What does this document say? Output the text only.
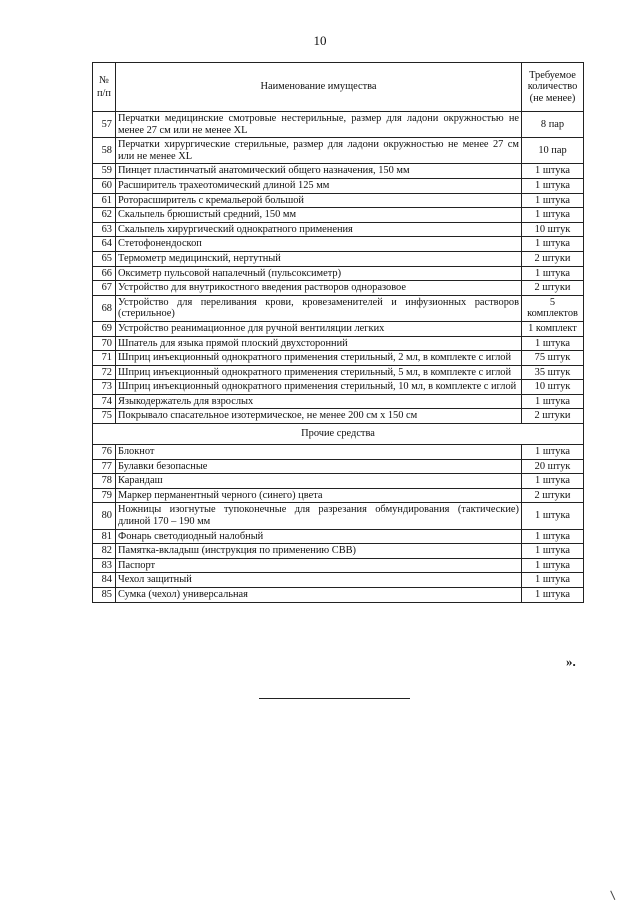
10
№ п/п	Наименование имущества	Требуемое количество (не менее)
57	Перчатки медицинские смотровые нестерильные, размер для ладони окружностью не менее 27 см или не менее XL	8 пар
58	Перчатки хирургические стерильные, размер для ладони окружностью не менее 27 см или не менее XL	10 пар
59	Пинцет пластинчатый анатомический общего назначения, 150 мм	1 штука
60	Расширитель трахеотомический длиной 125 мм	1 штука
61	Роторасширитель с кремальерой большой	1 штука
62	Скальпель брюшистый средний, 150 мм	1 штука
63	Скальпель хирургический однократного применения	10 штук
64	Стетофонендоскоп	1 штука
65	Термометр медицинский, нертутный	2 штуки
66	Оксиметр пульсовой напалечный (пульсоксиметр)	1 штука
67	Устройство для внутрикостного введения растворов одноразовое	2 штуки
68	Устройство для переливания крови, кровезаменителей и инфузионных растворов (стерильное)	5 комплектов
69	Устройство реанимационное для ручной вентиляции легких	1 комплект
70	Шпатель для языка прямой плоский двухсторонний	1 штука
71	Шприц инъекционный однократного применения стерильный, 2 мл, в комплекте с иглой	75 штук
72	Шприц инъекционный однократного применения стерильный, 5 мл, в комплекте с иглой	35 штук
73	Шприц инъекционный однократного применения стерильный, 10 мл, в комплекте с иглой	10 штук
74	Языкодержатель для взрослых	1 штука
75	Покрывало спасательное изотермическое, не менее 200 см x 150 см	2 штуки
Прочие средства		
76	Блокнот	1 штука
77	Булавки безопасные	20 штук
78	Карандаш	1 штука
79	Маркер перманентный черного (синего) цвета	2 штуки
80	Ножницы изогнутые тупоконечные для разрезания обмундирования (тактические) длиной 170 – 190 мм	1 штука
81	Фонарь светодиодный налобный	1 штука
82	Памятка-вкладыш (инструкция по применению СВВ)	1 штука
83	Паспорт	1 штука
84	Чехол защитный	1 штука
85	Сумка (чехол) универсальная	1 штука
».
